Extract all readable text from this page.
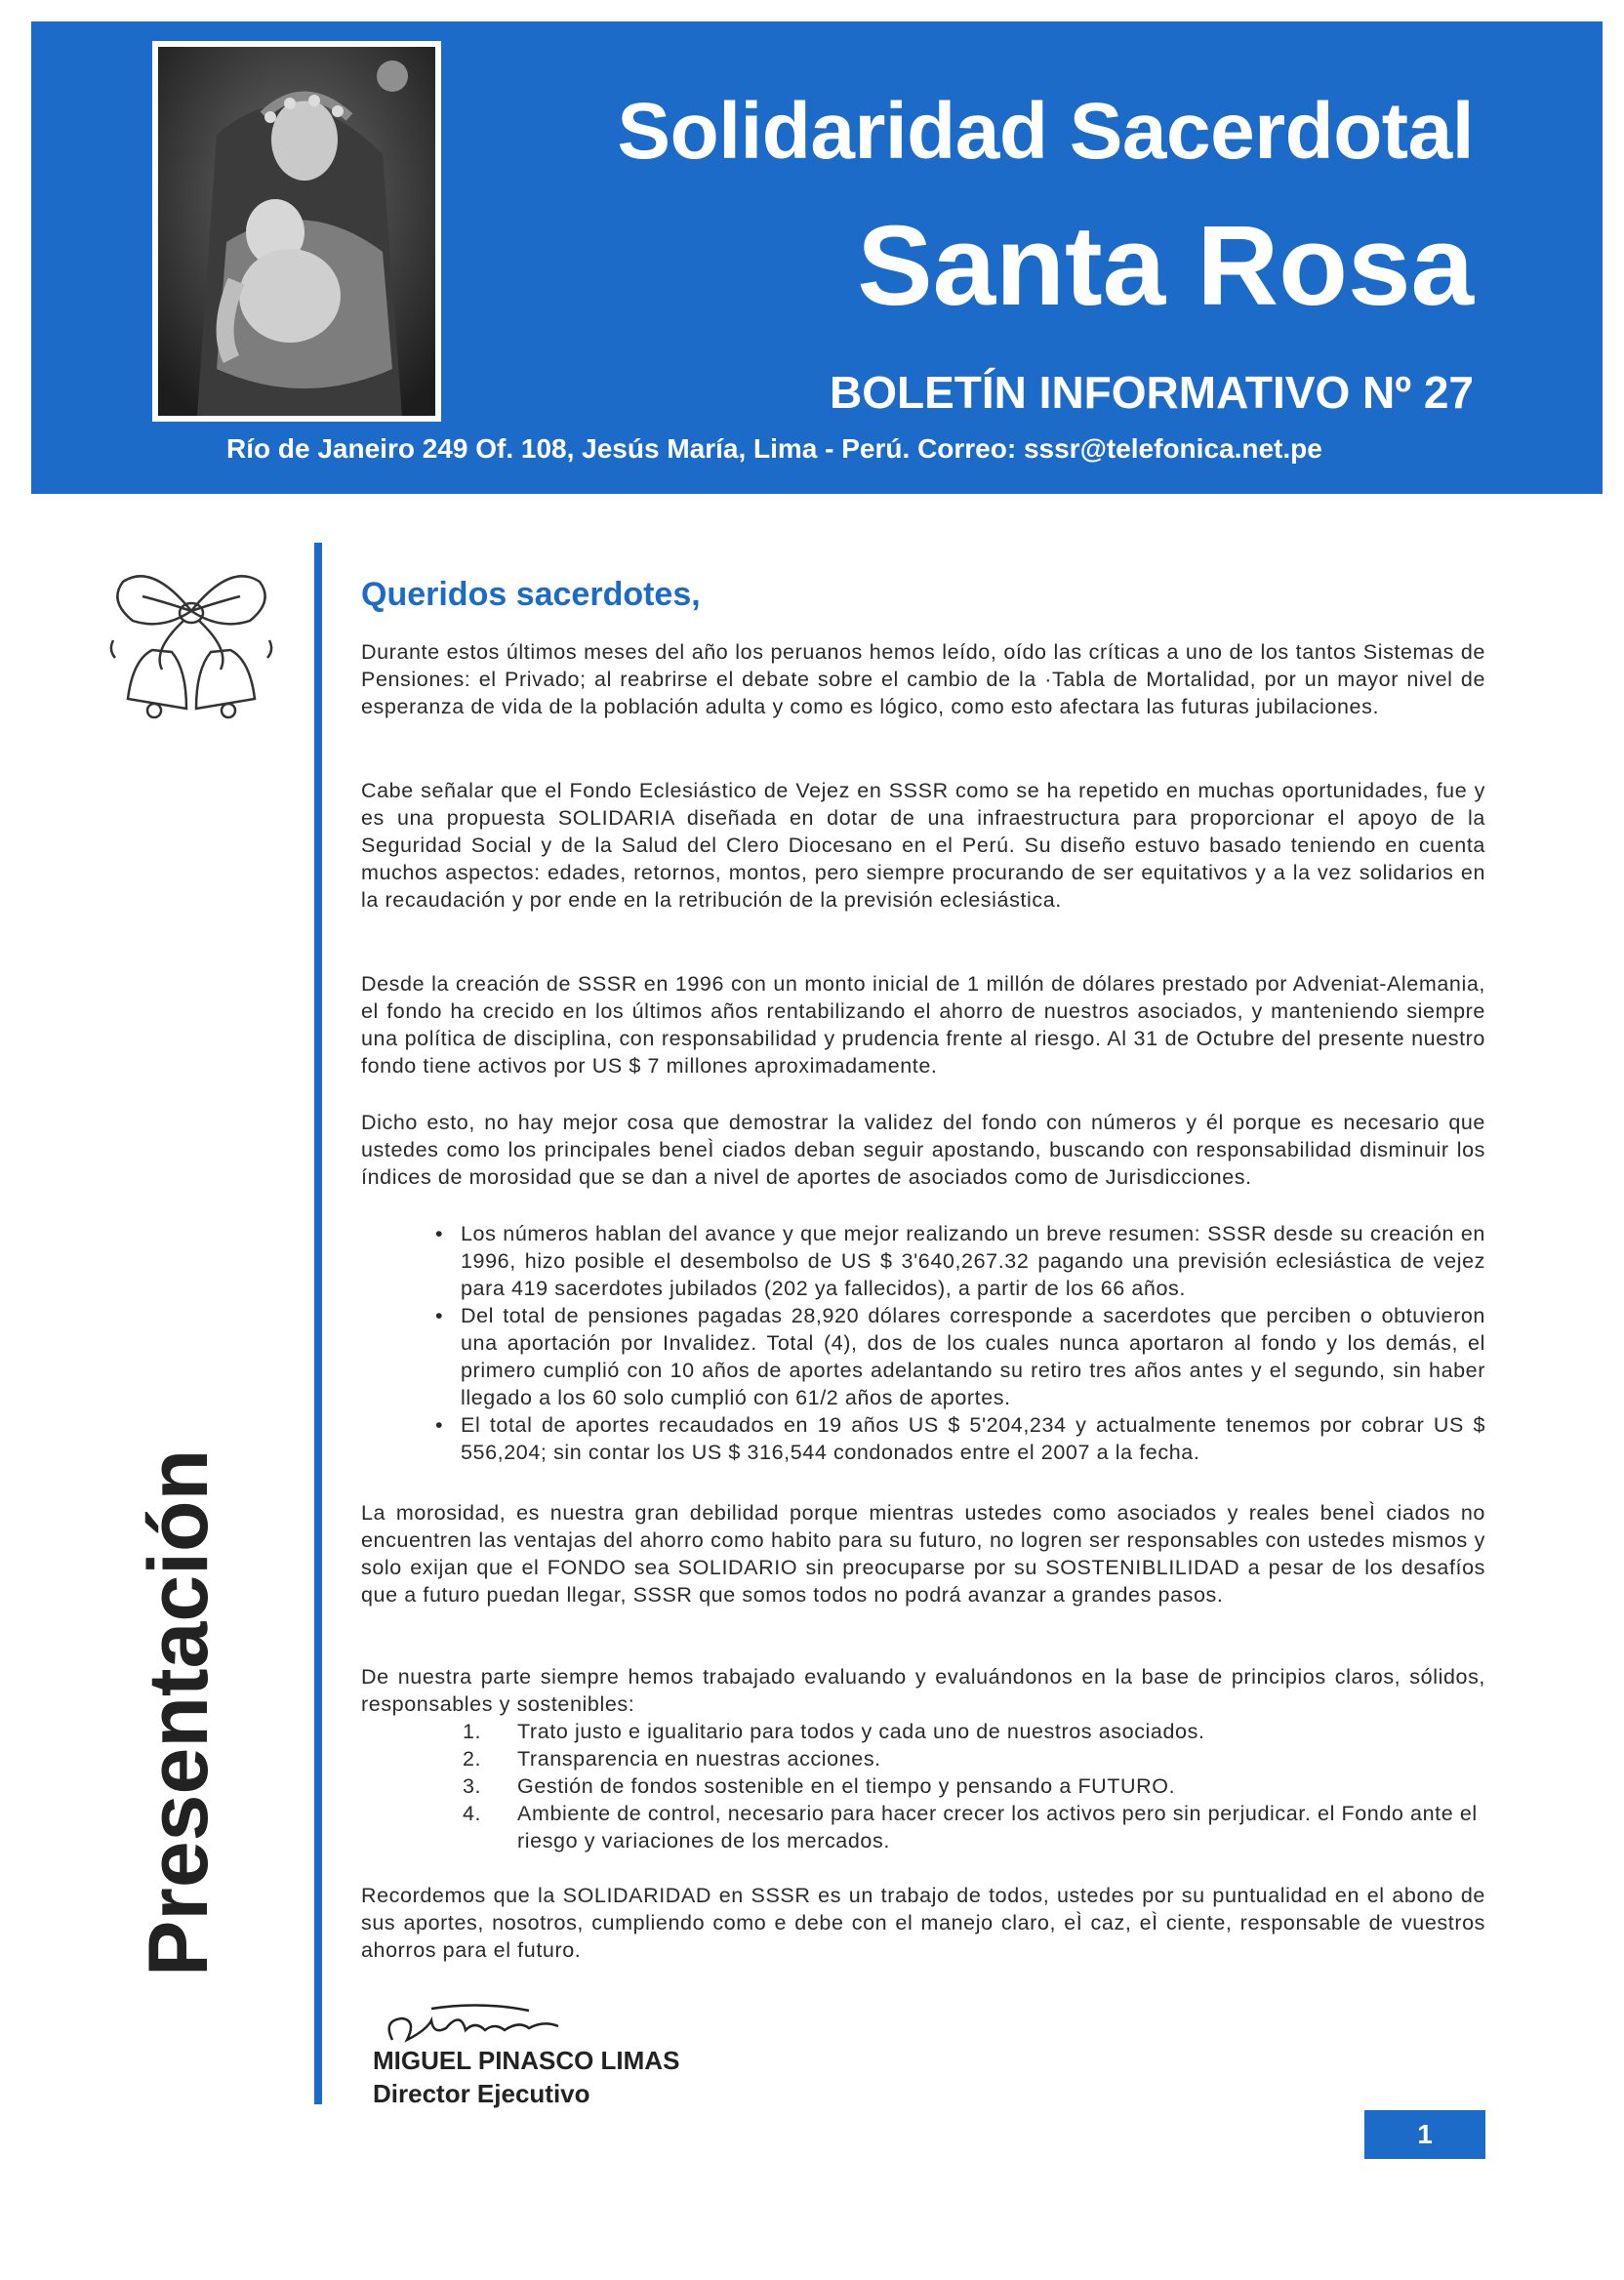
Solidaridad Sacerdotal
Santa Rosa
BOLETÍN INFORMATIVO Nº 27
Río de Janeiro 249 Of. 108, Jesús María, Lima - Perú. Correo: sssr@telefonica.net.pe
Presentación
Queridos sacerdotes,

Durante estos últimos meses del año los peruanos hemos leído, oído las críticas a uno de los tantos Sistemas de Pensiones: el Privado; al reabrirse el debate sobre el cambio de la ·Tabla de Mortalidad, por un mayor nivel de esperanza de vida de la población adulta y como es lógico, como esto afectara las futuras jubilaciones.

Cabe señalar que el Fondo Eclesiástico de Vejez en SSSR como se ha repetido en muchas oportunidades, fue y es una propuesta SOLIDARIA diseñada en dotar de una infraestructura para proporcionar el apoyo de la Seguridad Social y de la Salud del Clero Diocesano en el Perú. Su diseño estuvo basado teniendo en cuenta muchos aspectos: edades, retornos, montos, pero siempre procurando de ser equitativos y a la vez solidarios en la recaudación y por ende en la retribución de la previsión eclesiástica.

Desde la creación de SSSR en 1996 con un monto inicial de 1 millón de dólares prestado por Adveniat-Alemania, el fondo ha crecido en los últimos años rentabilizando el ahorro de nuestros asociados, y manteniendo siempre una política de disciplina, con responsabilidad y prudencia frente al riesgo. Al 31 de Octubre del presente nuestro fondo tiene activos por US $ 7 millones aproximadamente.

Dicho esto, no hay mejor cosa que demostrar la validez del fondo con números y él porque es necesario que ustedes como los principales beneÌ ciados deban seguir apostando, buscando con responsabilidad disminuir los índices de morosidad que se dan a nivel de aportes de asociados como de Jurisdicciones.

• Los números hablan del avance y que mejor realizando un breve resumen: SSSR desde su creación en 1996, hizo posible el desembolso de US $ 3'640,267.32 pagando una previsión eclesiástica de vejez para 419 sacerdotes jubilados (202 ya fallecidos), a partir de los 66 años.
• Del total de pensiones pagadas 28,920 dólares corresponde a sacerdotes que perciben o obtuvieron una aportación por Invalidez. Total (4), dos de los cuales nunca aportaron al fondo y los demás, el primero cumplió con 10 años de aportes adelantando su retiro tres años antes y el segundo, sin haber llegado a los 60 solo cumplió con 61/2 años de aportes.
• El total de aportes recaudados en 19 años US $ 5'204,234 y actualmente tenemos por cobrar US $ 556,204; sin contar los US $ 316,544 condonados entre el 2007 a la fecha.

La morosidad, es nuestra gran debilidad porque mientras ustedes como asociados y reales beneÌ ciados no encuentren las ventajas del ahorro como habito para su futuro, no logren ser responsables con ustedes mismos y solo exijan que el FONDO sea SOLIDARIO sin preocuparse por su SOSTENIBLILIDAD a pesar de los desafíos que a futuro puedan llegar, SSSR que somos todos no podrá avanzar a grandes pasos.

De nuestra parte siempre hemos trabajado evaluando y evaluándonos en la base de principios claros, sólidos, responsables y sostenibles:

1.	Trato justo e igualitario para todos y cada uno de nuestros asociados.
2.	Transparencia en nuestras acciones.
3.	Gestión de fondos sostenible en el tiempo y pensando a FUTURO.
4.	Ambiente de control, necesario para hacer crecer los activos pero sin perjudicar. el Fondo ante el riesgo y variaciones de los mercados.

Recordemos que la SOLIDARIDAD en SSSR es un trabajo de todos, ustedes por su puntualidad en el abono de sus aportes, nosotros, cumpliendo como e debe con el manejo claro, eÌ caz, eÌ ciente, responsable de vuestros ahorros para el futuro.

MIGUEL PINASCO LIMAS
Director Ejecutivo
1
